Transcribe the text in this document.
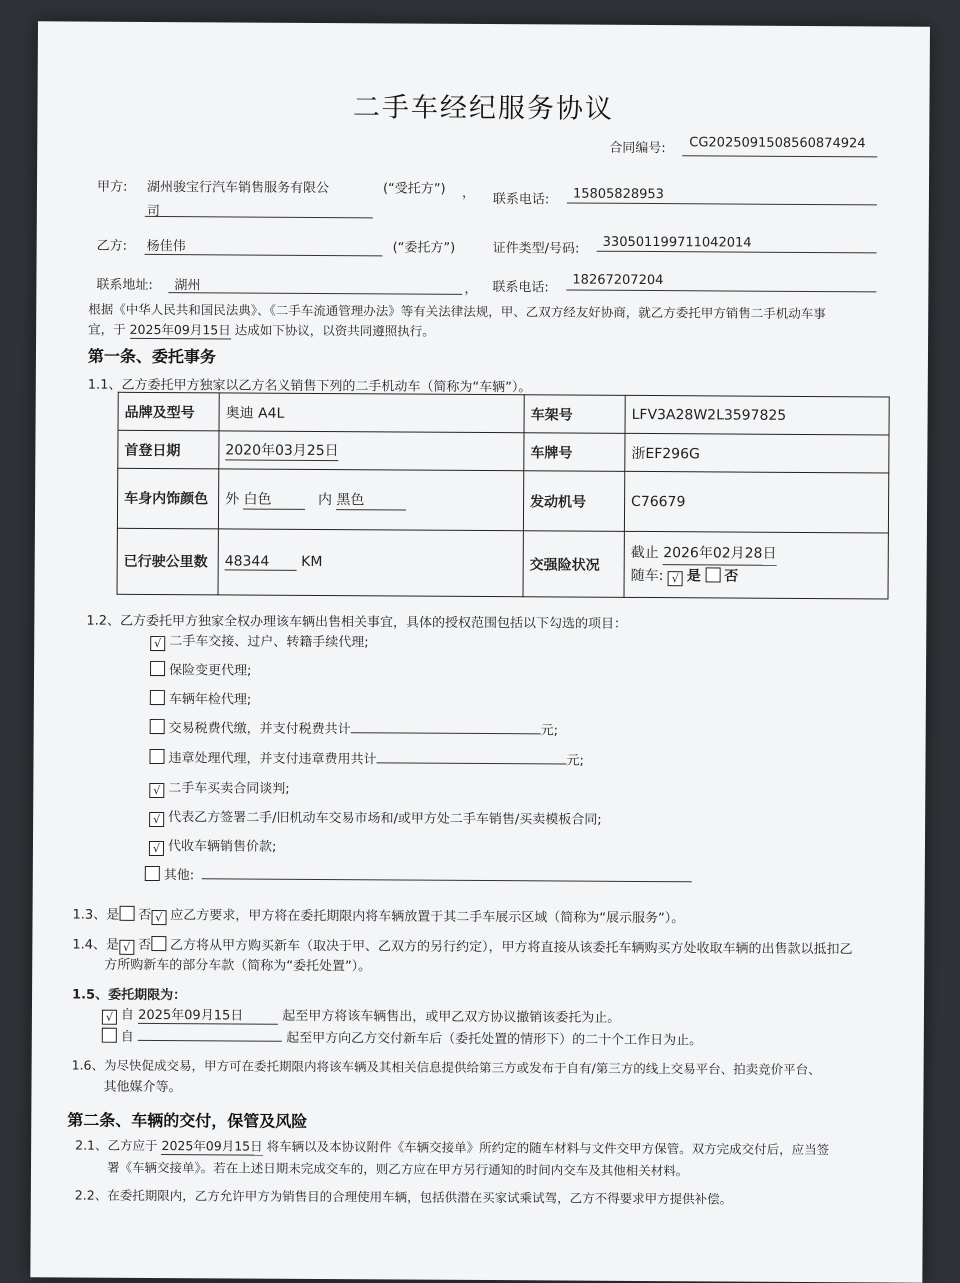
二手车经纪服务协议
合同编号: CG2025091508560874924
甲方: 湖州骏宝行汽车销售服务有限公
司
(“受托方”) ， 联系电话: 15805828953
乙方: 杨佳伟	(“委托方”)	证件类型/号码: 330501199711042014
联系地址: 湖州	， 联系电话: 18267207204
根据《中华人民共和国民法典》、《二手车流通管理办法》等有关法律法规，甲、乙双方经友好协商，就乙方委托甲方销售二手机动车事
宜，于 2025年09月15日 达成如下协议，以资共同遵照执行。
第一条、委托事务
1.1、乙方委托甲方独家以乙方名义销售下列的二手机动车（简称为“车辆”）。
品牌及型号	奥迪 A4L	车架号	LFV3A28W2L3597825
首登日期	2020年03月25日	车牌号	浙EF296G
车身内饰颜色	外 白色 内 黑色	发动机号	C76679
已行驶公里数	48344 KM	交强险状况	截止 2026年02月28日
随车: √ 是 否
1.2、乙方委托甲方独家全权办理该车辆出售相关事宜，具体的授权范围包括以下勾选的项目：
√ 二手车交接、过户、转籍手续代理;
保险变更代理;
车辆年检代理;
交易税费代缴，并支付税费共计	元;
违章处理代理，并支付违章费用共计	元;
√ 二手车买卖合同谈判;
√ 代表乙方签署二手/旧机动车交易市场和/或甲方处二手车销售/买卖模板合同;
√ 代收车辆销售价款;
其他:
1.3、是 否 √ 应乙方要求，甲方将在委托期限内将车辆放置于其二手车展示区域（简称为“展示服务”）。
1.4、是 √ 否 乙方将从甲方购买新车（取决于甲、乙双方的另行约定），甲方将直接从该委托车辆购买方处收取车辆的出售款以抵扣乙
方所购新车的部分车款（简称为“委托处置”）。
1.5、委托期限为：
√ 自 2025年09月15日	起至甲方将该车辆售出，或甲乙双方协议撤销该委托为止。
自	起至甲方向乙方交付新车后（委托处置的情形下）的二十个工作日为止。
1.6、为尽快促成交易，甲方可在委托期限内将该车辆及其相关信息提供给第三方或发布于自有/第三方的线上交易平台、拍卖竞价平台、
其他媒介等。
第二条、车辆的交付，保管及风险
2.1、乙方应于 2025年09月15日 将车辆以及本协议附件《车辆交接单》所约定的随车材料与文件交甲方保管。双方完成交付后，应当签
署《车辆交接单》。若在上述日期未完成交车的，则乙方应在甲方另行通知的时间内交车及其他相关材料。
2.2、在委托期限内，乙方允许甲方为销售目的合理使用车辆，包括供潜在买家试乘试驾，乙方不得要求甲方提供补偿。
